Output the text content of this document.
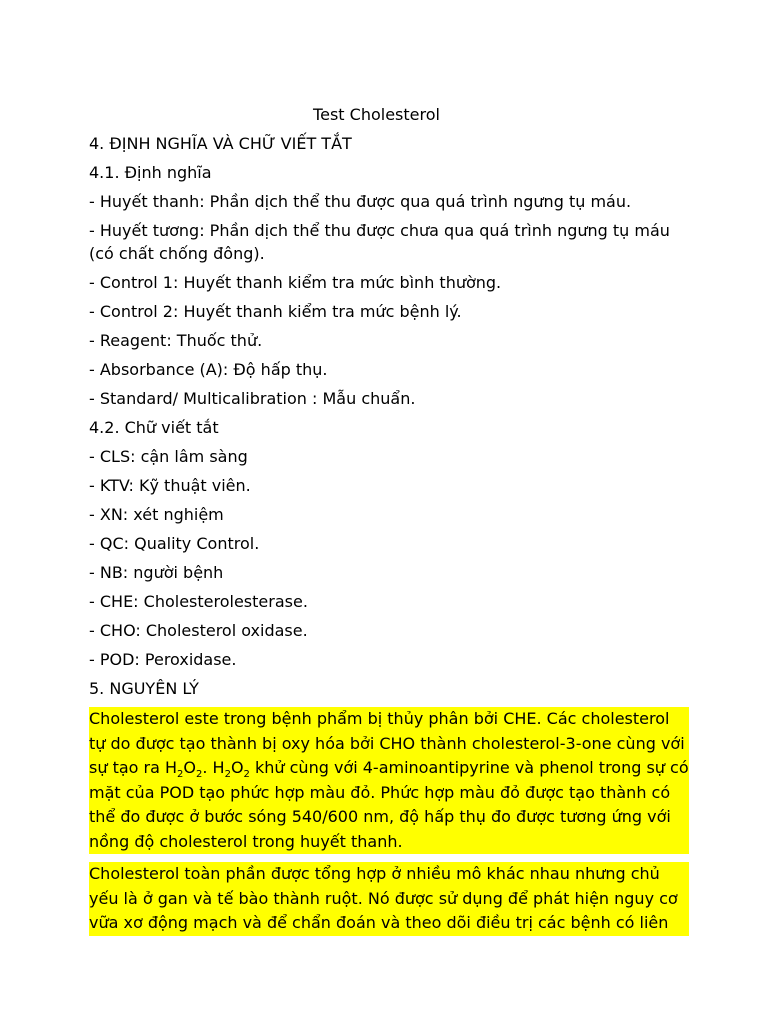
Test Cholesterol
4. ĐỊNH NGHĨA VÀ CHỮ VIẾT TẮT
4.1. Định nghĩa
- Huyết thanh: Phần dịch thể thu được qua quá trình ngưng tụ máu.
- Huyết tương: Phần dịch thể thu được chưa qua quá trình ngưng tụ máu (có chất chống đông).
- Control 1: Huyết thanh kiểm tra mức bình thường.
- Control 2: Huyết thanh kiểm tra mức bệnh lý.
- Reagent: Thuốc thử.
- Absorbance (A): Độ hấp thụ.
- Standard/ Multicalibration : Mẫu chuẩn.
4.2. Chữ viết tắt
- CLS: cận lâm sàng
- KTV: Kỹ thuật viên.
- XN: xét nghiệm
- QC: Quality Control.
- NB: người bệnh
- CHE: Cholesterolesterase.
- CHO: Cholesterol oxidase.
- POD: Peroxidase.
5. NGUYÊN LÝ
Cholesterol este trong bệnh phẩm bị thủy phân bởi CHE. Các cholesterol tự do được tạo thành bị oxy hóa bởi CHO thành cholesterol-3-one cùng với sự tạo ra $H_2O_2$. $H_2O_2$ khử cùng với 4-aminoantipyrine và phenol trong sự có mặt của POD tạo phức hợp màu đỏ. Phức hợp màu đỏ được tạo thành có thể đo được ở bước sóng 540/600 nm, độ hấp thụ đo được tương ứng với nồng độ cholesterol trong huyết thanh.
Cholesterol toàn phần được tổng hợp ở nhiều mô khác nhau nhưng chủ yếu là ở gan và tế bào thành ruột. Nó được sử dụng để phát hiện nguy cơ vữa xơ động mạch và để chẩn đoán và theo dõi điều trị các bệnh có liên
